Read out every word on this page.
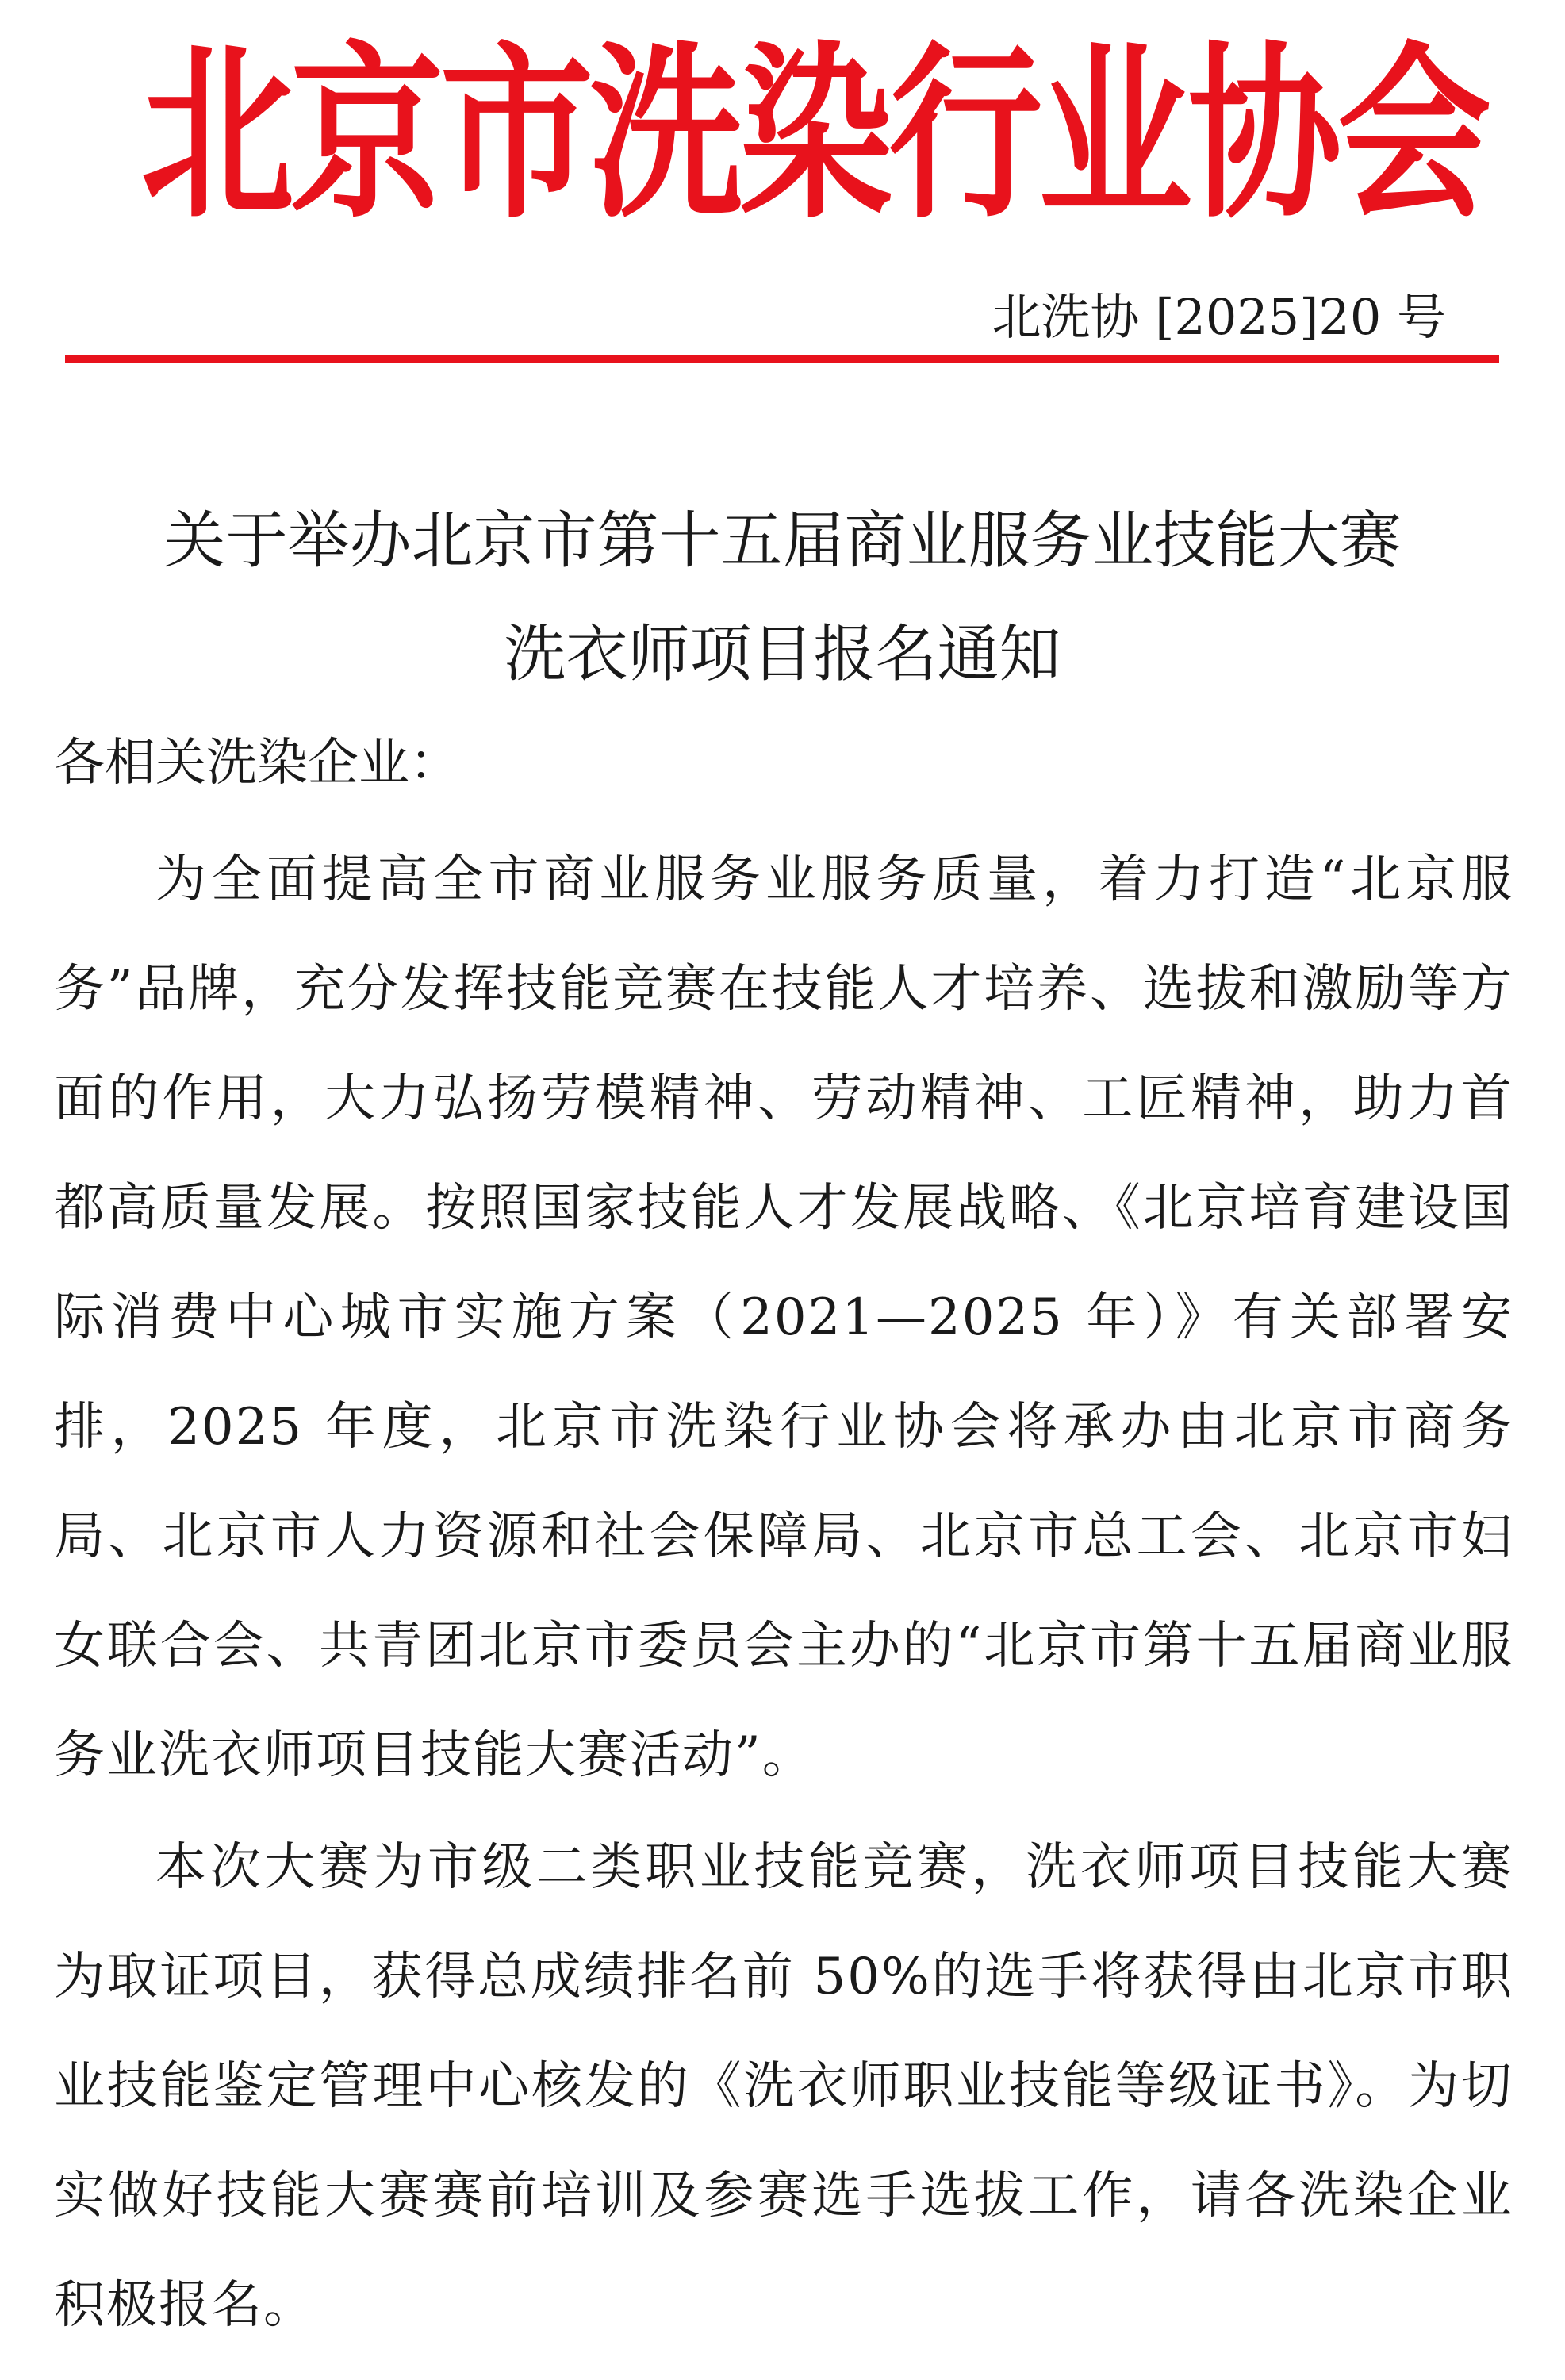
北京市洗染行业协会
北洗协 [2025]20 号
关于举办北京市第十五届商业服务业技能大赛
洗衣师项目报名通知
各相关洗染企业：
为全面提高全市商业服务业服务质量，着力打造“北京服务”品牌，充分发挥技能竞赛在技能人才培养、选拔和激励等方面的作用，大力弘扬劳模精神、劳动精神、工匠精神，助力首都高质量发展。按照国家技能人才发展战略、《北京培育建设国际消费中心城市实施方案（2021—2025 年）》有关部署安排，2025 年度，北京市洗染行业协会将承办由北京市商务局、北京市人力资源和社会保障局、北京市总工会、北京市妇女联合会、共青团北京市委员会主办的“北京市第十五届商业服务业洗衣师项目技能大赛活动”。
本次大赛为市级二类职业技能竞赛，洗衣师项目技能大赛为取证项目，获得总成绩排名前 50%的选手将获得由北京市职业技能鉴定管理中心核发的《洗衣师职业技能等级证书》。为切实做好技能大赛赛前培训及参赛选手选拔工作，请各洗染企业积极报名。
